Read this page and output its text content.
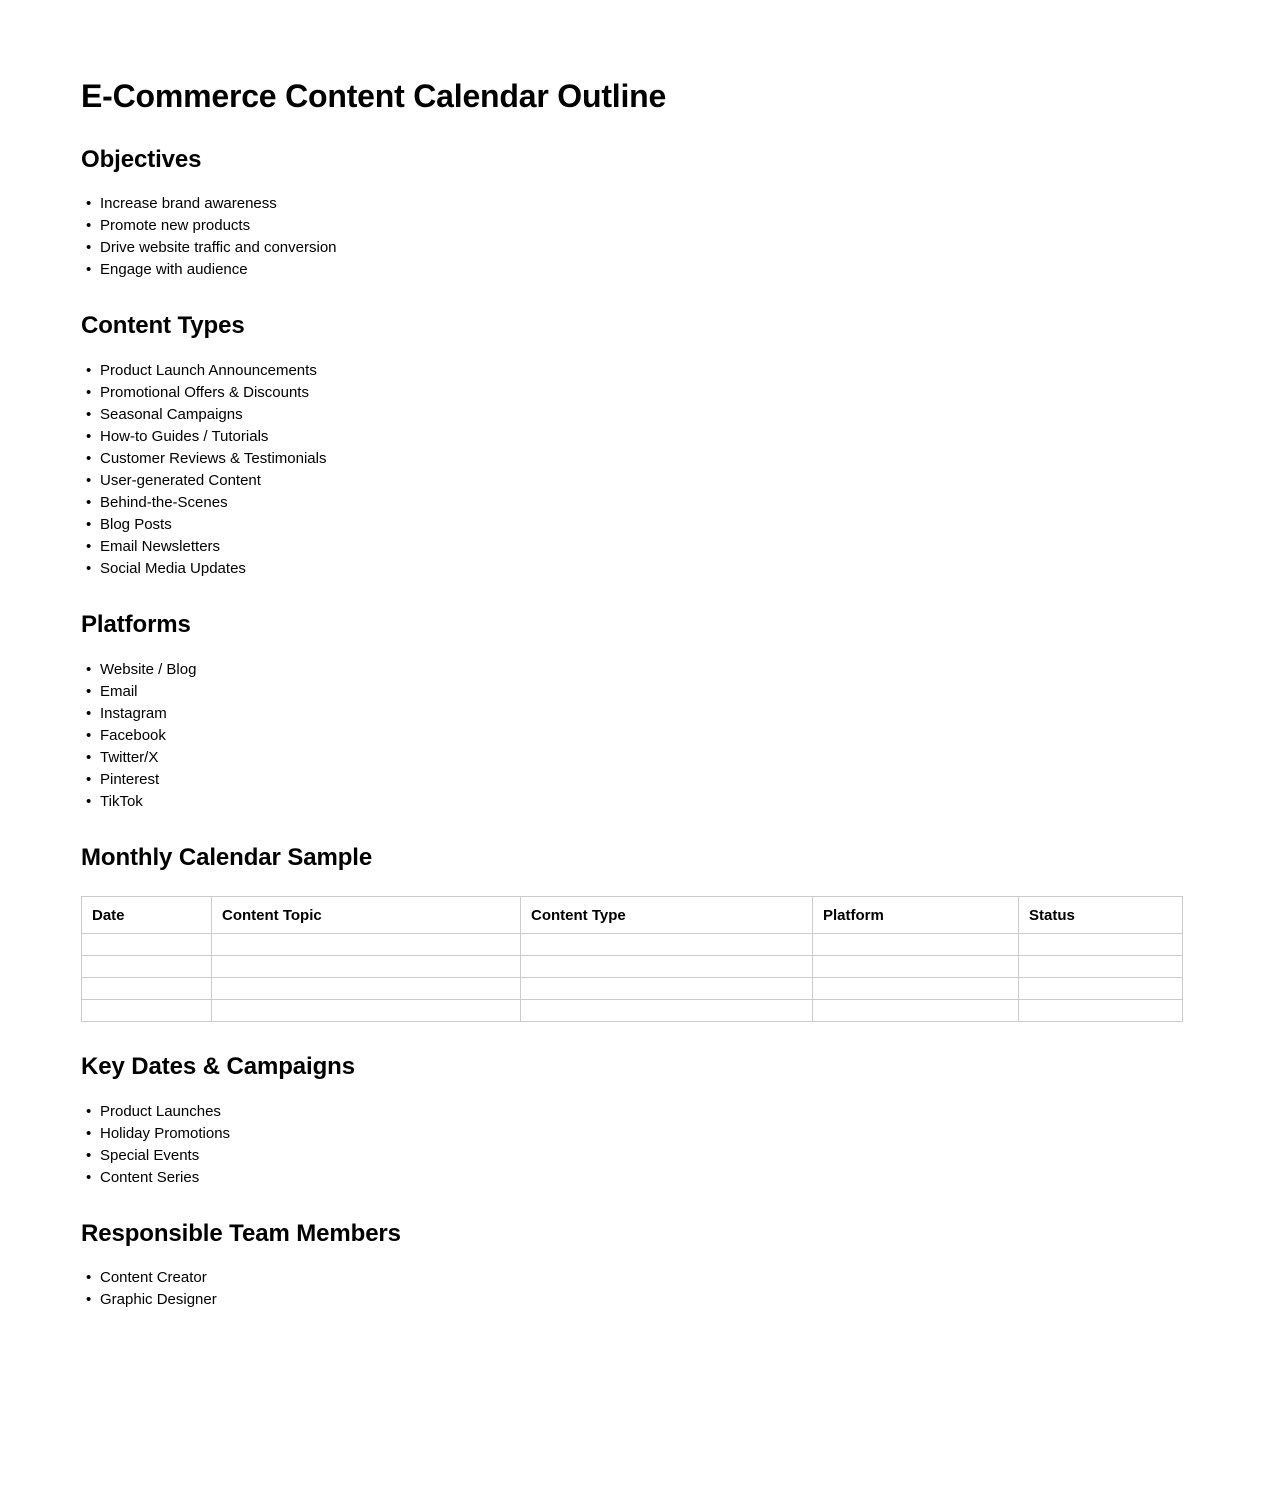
E-Commerce Content Calendar Outline
Objectives
• Increase brand awareness
• Promote new products
• Drive website traffic and conversion
• Engage with audience
Content Types
• Product Launch Announcements
• Promotional Offers & Discounts
• Seasonal Campaigns
• How-to Guides / Tutorials
• Customer Reviews & Testimonials
• User-generated Content
• Behind-the-Scenes
• Blog Posts
• Email Newsletters
• Social Media Updates
Platforms
• Website / Blog
• Email
• Instagram
• Facebook
• Twitter/X
• Pinterest
• TikTok
Monthly Calendar Sample
Date	Content Topic	Content Type	Platform	Status

Key Dates & Campaigns
• Product Launches
• Holiday Promotions
• Special Events
• Content Series
Responsible Team Members
• Content Creator
• Graphic Designer
